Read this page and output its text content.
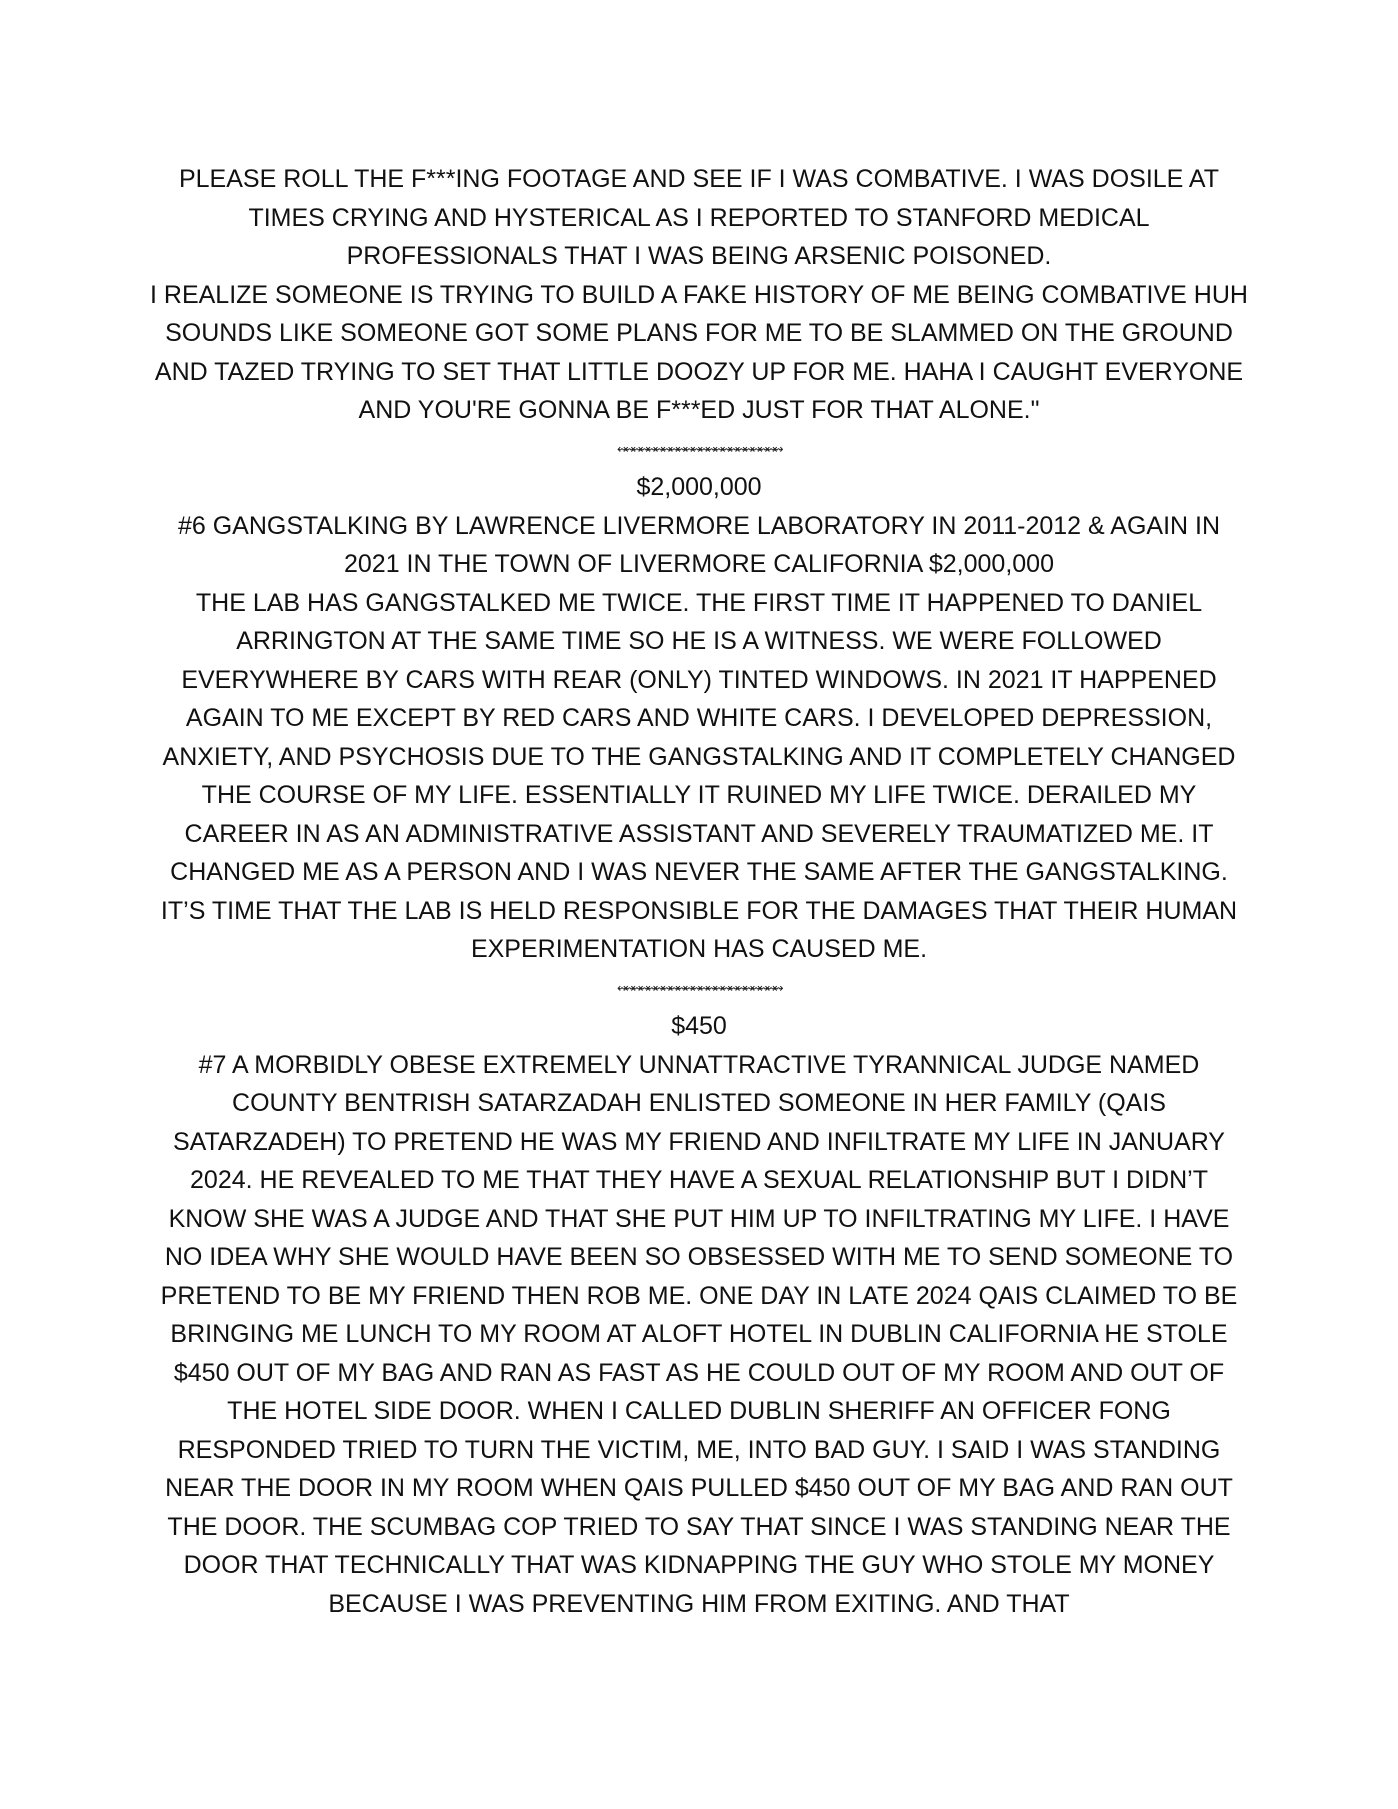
PLEASE ROLL THE F***ING FOOTAGE AND SEE IF I WAS COMBATIVE. I WAS DOSILE AT TIMES CRYING AND HYSTERICAL AS I REPORTED TO STANFORD MEDICAL PROFESSIONALS THAT I WAS BEING ARSENIC POISONED.

I REALIZE SOMEONE IS TRYING TO BUILD A FAKE HISTORY OF ME BEING COMBATIVE HUH SOUNDS LIKE SOMEONE GOT SOME PLANS FOR ME TO BE SLAMMED ON THE GROUND AND TAZED TRYING TO SET THAT LITTLE DOOZY UP FOR ME. HAHA I CAUGHT EVERYONE AND YOU'RE GONNA BE F***ED JUST FOR THAT ALONE."

↭↭↭↭↭↭↭↭↭↭↭↭↭↭↭↭↭↭↭↭↭↭

$2,000,000

#6 GANGSTALKING BY LAWRENCE LIVERMORE LABORATORY IN 2011-2012 & AGAIN IN 2021 IN THE TOWN OF LIVERMORE CALIFORNIA $2,000,000

THE LAB HAS GANGSTALKED ME TWICE. THE FIRST TIME IT HAPPENED TO DANIEL ARRINGTON AT THE SAME TIME SO HE IS A WITNESS. WE WERE FOLLOWED EVERYWHERE BY CARS WITH REAR (ONLY) TINTED WINDOWS. IN 2021 IT HAPPENED AGAIN TO ME EXCEPT BY RED CARS AND WHITE CARS. I DEVELOPED DEPRESSION, ANXIETY, AND PSYCHOSIS DUE TO THE GANGSTALKING AND IT COMPLETELY CHANGED THE COURSE OF MY LIFE. ESSENTIALLY IT RUINED MY LIFE TWICE. DERAILED MY CAREER IN AS AN ADMINISTRATIVE ASSISTANT AND SEVERELY TRAUMATIZED ME. IT CHANGED ME AS A PERSON AND I WAS NEVER THE SAME AFTER THE GANGSTALKING. IT’S TIME THAT THE LAB IS HELD RESPONSIBLE FOR THE DAMAGES THAT THEIR HUMAN EXPERIMENTATION HAS CAUSED ME.

↭↭↭↭↭↭↭↭↭↭↭↭↭↭↭↭↭↭↭↭↭↭

$450

#7 A MORBIDLY OBESE EXTREMELY UNNATTRACTIVE TYRANNICAL JUDGE NAMED COUNTY BENTRISH SATARZADAH ENLISTED SOMEONE IN HER FAMILY (QAIS SATARZADEH) TO PRETEND HE WAS MY FRIEND AND INFILTRATE MY LIFE IN JANUARY 2024. HE REVEALED TO ME THAT THEY HAVE A SEXUAL RELATIONSHIP BUT I DIDN’T KNOW SHE WAS A JUDGE AND THAT SHE PUT HIM UP TO INFILTRATING MY LIFE. I HAVE NO IDEA WHY SHE WOULD HAVE BEEN SO OBSESSED WITH ME TO SEND SOMEONE TO PRETEND TO BE MY FRIEND THEN ROB ME. ONE DAY IN LATE 2024 QAIS CLAIMED TO BE BRINGING ME LUNCH TO MY ROOM AT ALOFT HOTEL IN DUBLIN CALIFORNIA HE STOLE $450 OUT OF MY BAG AND RAN AS FAST AS HE COULD OUT OF MY ROOM AND OUT OF THE HOTEL SIDE DOOR. WHEN I CALLED DUBLIN SHERIFF AN OFFICER FONG RESPONDED TRIED TO TURN THE VICTIM, ME, INTO BAD GUY. I SAID I WAS STANDING NEAR THE DOOR IN MY ROOM WHEN QAIS PULLED $450 OUT OF MY BAG AND RAN OUT THE DOOR. THE SCUMBAG COP TRIED TO SAY THAT SINCE I WAS STANDING NEAR THE DOOR THAT TECHNICALLY THAT WAS KIDNAPPING THE GUY WHO STOLE MY MONEY BECAUSE I WAS PREVENTING HIM FROM EXITING. AND THAT
